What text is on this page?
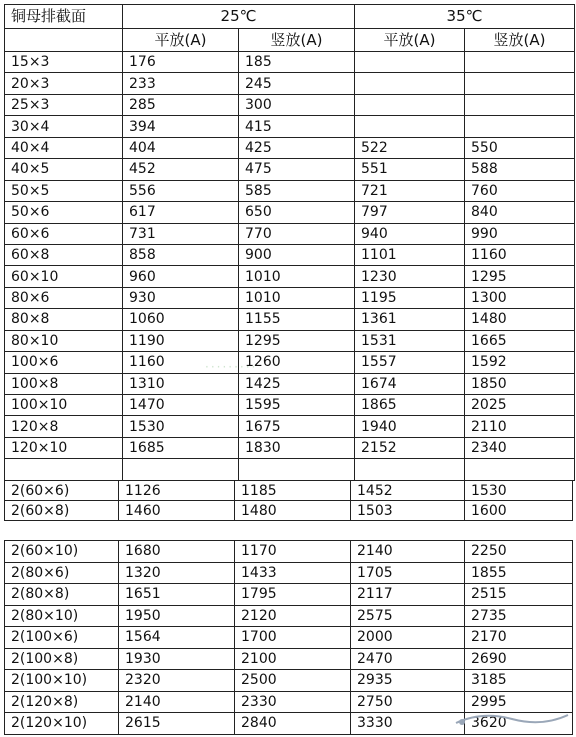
铜母排截面	25℃		35℃	
	平放(A)	竖放(A)	平放(A)	竖放(A)
15×3	176	185		
20×3	233	245		
25×3	285	300		
30×4	394	415		
40×4	404	425	522	550
40×5	452	475	551	588
50×5	556	585	721	760
50×6	617	650	797	840
60×6	731	770	940	990
60×8	858	900	1101	1160
60×10	960	1010	1230	1295
80×6	930	1010	1195	1300
80×8	1060	1155	1361	1480
80×10	1190	1295	1531	1665
100×6	1160	1260	1557	1592
100×8	1310	1425	1674	1850
100×10	1470	1595	1865	2025
120×8	1530	1675	1940	2110
120×10	1685	1830	2152	2340

2(60×6)	1126	1185	1452	1530
2(60×8)	1460	1480	1503	1600
2(60×10)	1680	1170	2140	2250
2(80×6)	1320	1433	1705	1855
2(80×8)	1651	1795	2117	2515
2(80×10)	1950	2120	2575	2735
2(100×6)	1564	1700	2000	2170
2(100×8)	1930	2100	2470	2690
2(100×10)	2320	2500	2935	3185
2(120×8)	2140	2330	2750	2995
2(120×10)	2615	2840	3330	3620
·········
